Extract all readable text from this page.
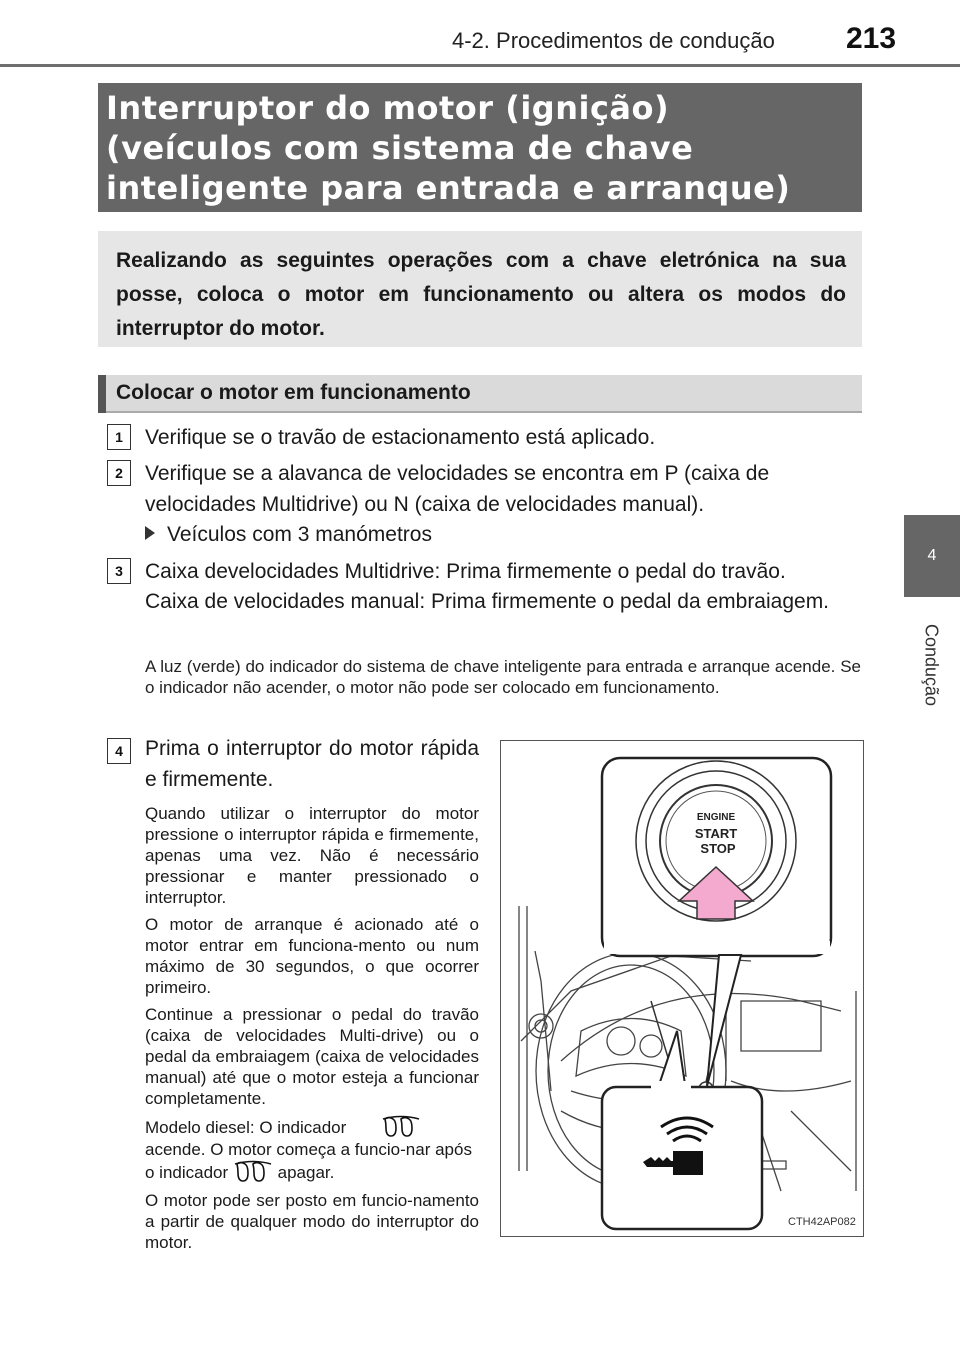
4-2. Procedimentos de condução 213
4
Condução
Interruptor do motor (ignição) (veículos com sistema de chave inteligente para entrada e arranque)
Realizando as seguintes operações com a chave eletrónica na sua posse, coloca o motor em funcionamento ou altera os modos do interruptor do motor.
Colocar o motor em funcionamento
1	Verifique se o travão de estacionamento está aplicado.
2	Verifique se a alavanca de velocidades se encontra em P (caixa de velocidades Multidrive) ou N (caixa de velocidades manual).
Veículos com 3 manómetros
3	Caixa develocidades Multidrive: Prima firmemente o pedal do travão.
Caixa de velocidades manual: Prima firmemente o pedal da embraiagem.
A luz (verde) do indicador do sistema de chave inteligente para entrada e arranque acende. Se o indicador não acender, o motor não pode ser colocado em funcionamento.
4	Prima o interruptor do motor rápida e firmemente.

Quando utilizar o interruptor do motor pressione o interruptor rápida e firmemente, apenas uma vez. Não é necessário pressionar e manter pressionado o interruptor.

O motor de arranque é acionado até o motor entrar em funciona-mento ou num máximo de 30 segundos, o que ocorrer primeiro.

Continue a pressionar o pedal do travão (caixa de velocidades Multi-drive) ou o pedal da embraiagem (caixa de velocidades manual) até que o motor esteja a funcionar completamente.

Modelo diesel: O indicador
acende. O motor começa a funcio-nar após o indicador	apagar.

O motor pode ser posto em funcio-namento a partir de qualquer modo do interruptor do motor.

ENGINE
START
STOP
CTH42AP082
